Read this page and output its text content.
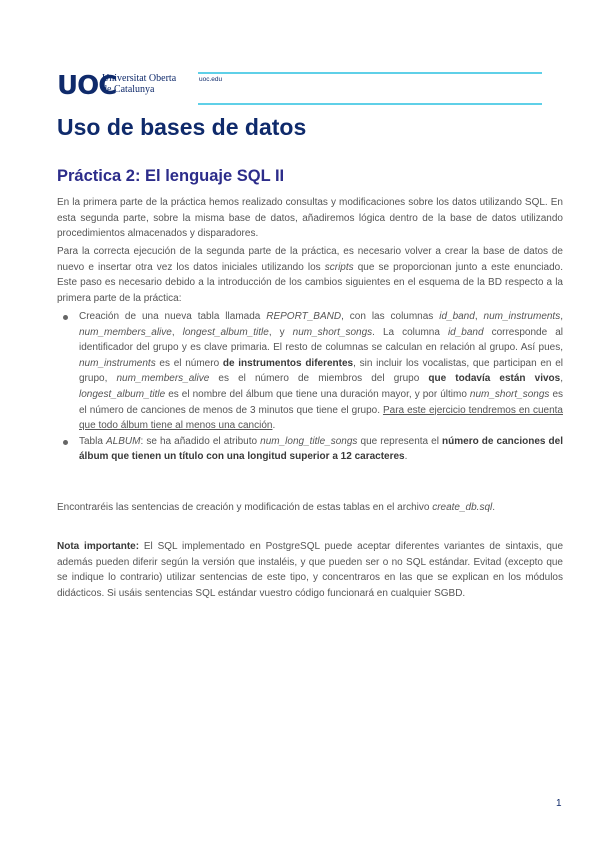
UOC
Universitat Oberta
de Catalunya
uoc.edu
Uso de bases de datos
Práctica 2: El lenguaje SQL II

En la primera parte de la práctica hemos realizado consultas y modificaciones sobre los datos utilizando SQL. En esta segunda parte, sobre la misma base de datos, añadiremos lógica dentro de la base de datos utilizando procedimientos almacenados y disparadores.

Para la correcta ejecución de la segunda parte de la práctica, es necesario volver a crear la base de datos de nuevo e insertar otra vez los datos iniciales utilizando los scripts que se proporcionan junto a este enunciado. Este paso es necesario debido a la introducción de los cambios siguientes en el esquema de la BD respecto a la primera parte de la práctica:

Creación de una nueva tabla llamada REPORT_BAND, con las columnas id_band, num_instruments, num_members_alive, longest_album_title, y num_short_songs. La columna id_band corresponde al identificador del grupo y es clave primaria. El resto de columnas se calculan en relación al grupo. Así pues, num_instruments es el número de instrumentos diferentes, sin incluir los vocalistas, que participan en el grupo, num_members_alive es el número de miembros del grupo que todavía están vivos, longest_album_title es el nombre del álbum que tiene una duración mayor, y por último num_short_songs es el número de canciones de menos de 3 minutos que tiene el grupo. Para este ejercicio tendremos en cuenta que todo álbum tiene al menos una canción.
Tabla ALBUM: se ha añadido el atributo num_long_title_songs que representa el número de canciones del álbum que tienen un título con una longitud superior a 12 caracteres.

Encontraréis las sentencias de creación y modificación de estas tablas en el archivo create_db.sql.

Nota importante: El SQL implementado en PostgreSQL puede aceptar diferentes variantes de sintaxis, que además pueden diferir según la versión que instaléis, y que pueden ser o no SQL estándar. Evitad (excepto que se indique lo contrario) utilizar sentencias de este tipo, y concentraros en las que se explican en los módulos didácticos. Si usáis sentencias SQL estándar vuestro código funcionará en cualquier SGBD.

1
